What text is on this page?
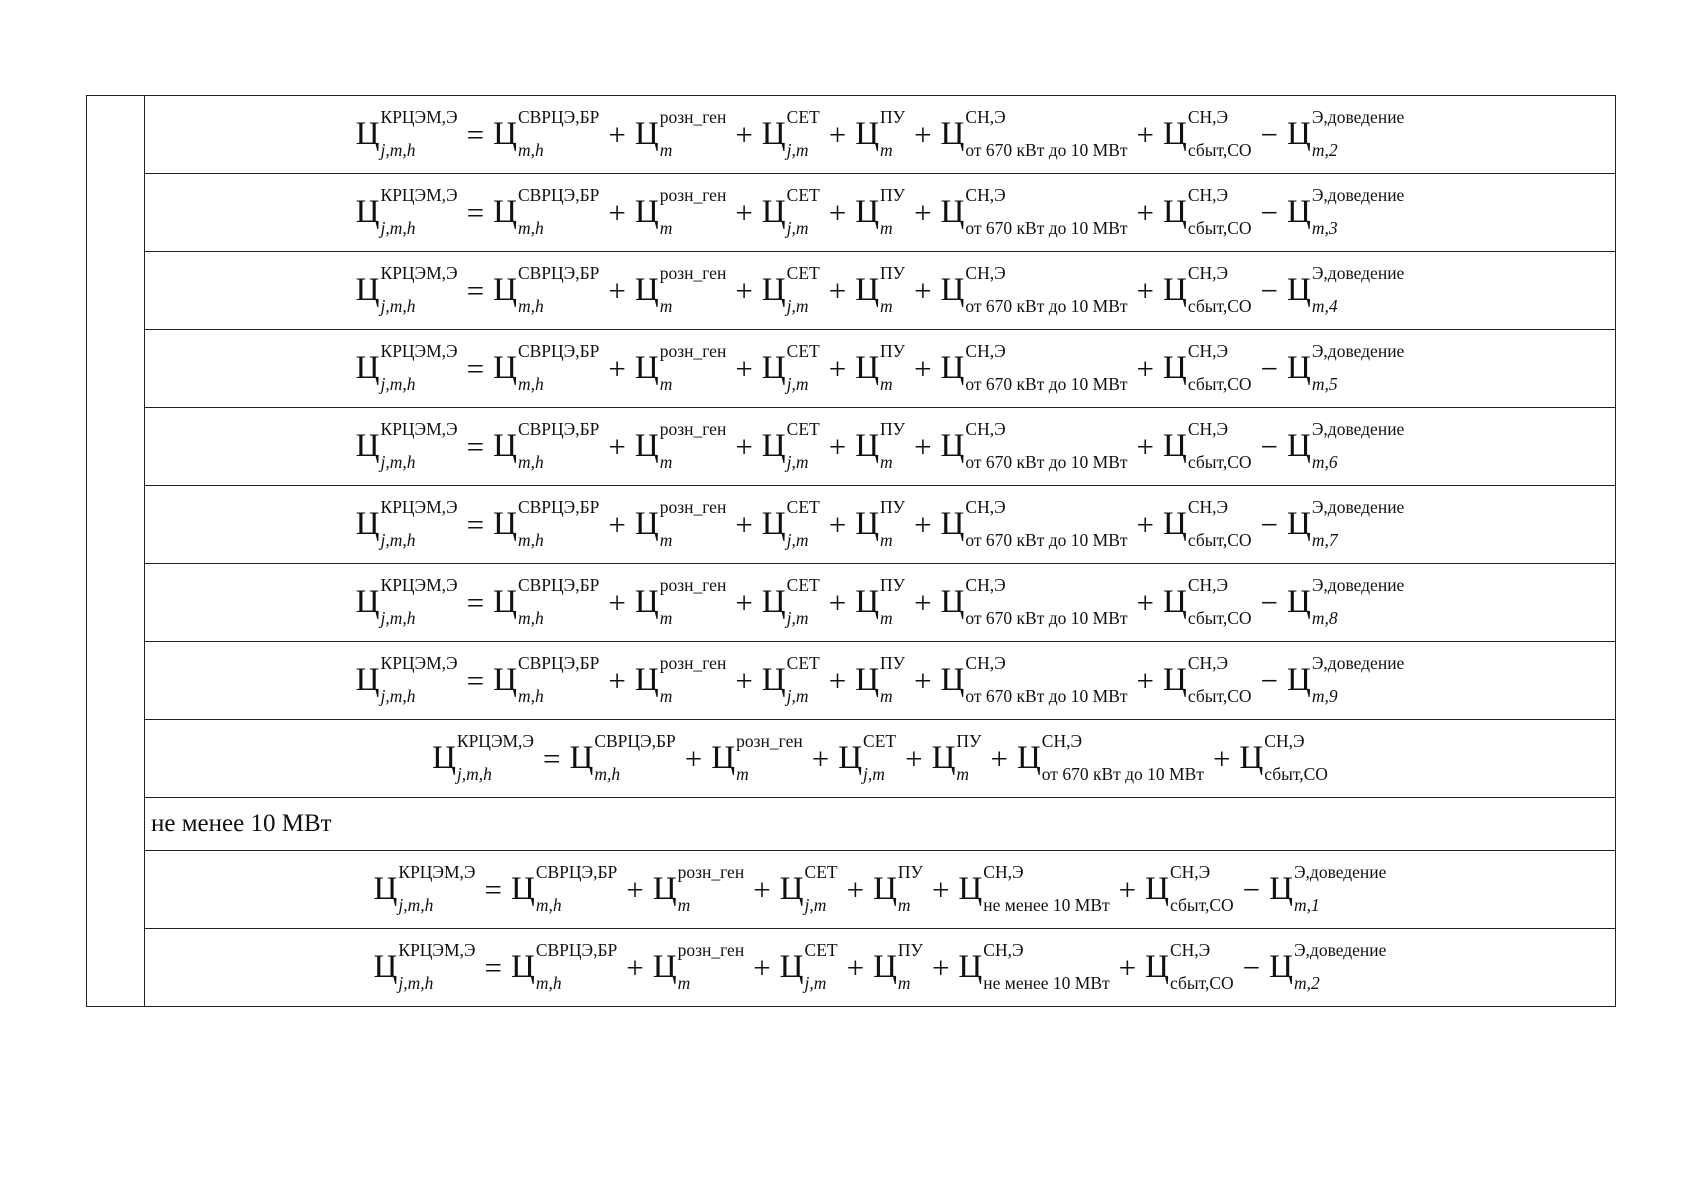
	Ц КРЦЭМ,Э
j,m,h	= Ц СВРЦЭ,БР
m,h	+ Ц розн_ген
m	+ Ц СЕТ
j,m + Ц ПУ
m + Ц СН,Э
от 670 кВт до 10 МВт + Ц СН,Э
сбыт,СО − Ц Э,доведение
m,2

Ц КРЦЭМ,Э
j,m,h	= Ц СВРЦЭ,БР
m,h	+ Ц розн_ген
m	+ Ц СЕТ
j,m + Ц ПУ
m + Ц СН,Э
от 670 кВт до 10 МВт + Ц СН,Э
сбыт,СО − Ц Э,доведение
m,3

Ц КРЦЭМ,Э
j,m,h	= Ц СВРЦЭ,БР
m,h	+ Ц розн_ген
m	+ Ц СЕТ
j,m + Ц ПУ
m + Ц СН,Э
от 670 кВт до 10 МВт + Ц СН,Э
сбыт,СО − Ц Э,доведение
m,4

Ц КРЦЭМ,Э
j,m,h	= Ц СВРЦЭ,БР
m,h	+ Ц розн_ген
m	+ Ц СЕТ
j,m + Ц ПУ
m + Ц СН,Э
от 670 кВт до 10 МВт + Ц СН,Э
сбыт,СО − Ц Э,доведение
m,5

Ц КРЦЭМ,Э
j,m,h	= Ц СВРЦЭ,БР
m,h	+ Ц розн_ген
m	+ Ц СЕТ
j,m + Ц ПУ
m + Ц СН,Э
от 670 кВт до 10 МВт + Ц СН,Э
сбыт,СО − Ц Э,доведение
m,6

Ц КРЦЭМ,Э
j,m,h	= Ц СВРЦЭ,БР
m,h	+ Ц розн_ген
m	+ Ц СЕТ
j,m + Ц ПУ
m + Ц СН,Э
от 670 кВт до 10 МВт + Ц СН,Э
сбыт,СО − Ц Э,доведение
m,7

Ц КРЦЭМ,Э
j,m,h	= Ц СВРЦЭ,БР
m,h	+ Ц розн_ген
m	+ Ц СЕТ
j,m + Ц ПУ
m + Ц СН,Э
от 670 кВт до 10 МВт + Ц СН,Э
сбыт,СО − Ц Э,доведение
m,8

Ц КРЦЭМ,Э
j,m,h	= Ц СВРЦЭ,БР
m,h	+ Ц розн_ген
m	+ Ц СЕТ
j,m + Ц ПУ
m + Ц СН,Э
от 670 кВт до 10 МВт + Ц СН,Э
сбыт,СО − Ц Э,доведение
m,9

Ц КРЦЭМ,Э
j,m,h	= Ц СВРЦЭ,БР
m,h	+ Ц розн_ген
m	+ Ц СЕТ
j,m + Ц ПУ
m + Ц СН,Э
от 670 кВт до 10 МВт + Ц СН,Э
сбыт,СО

не менее 10 МВт
Ц КРЦЭМ,Э
j,m,h	= Ц СВРЦЭ,БР
m,h	+ Ц розн_ген
m	+ Ц СЕТ
j,m + Ц ПУ
m + Ц СН,Э
не менее 10 МВт + Ц СН,Э
сбыт,СО − Ц Э,доведение
m,1

Ц КРЦЭМ,Э
j,m,h	= Ц СВРЦЭ,БР
m,h	+ Ц розн_ген
m	+ Ц СЕТ
j,m + Ц ПУ
m + Ц СН,Э
не менее 10 МВт + Ц СН,Э
сбыт,СО − Ц Э,доведение
m,2
